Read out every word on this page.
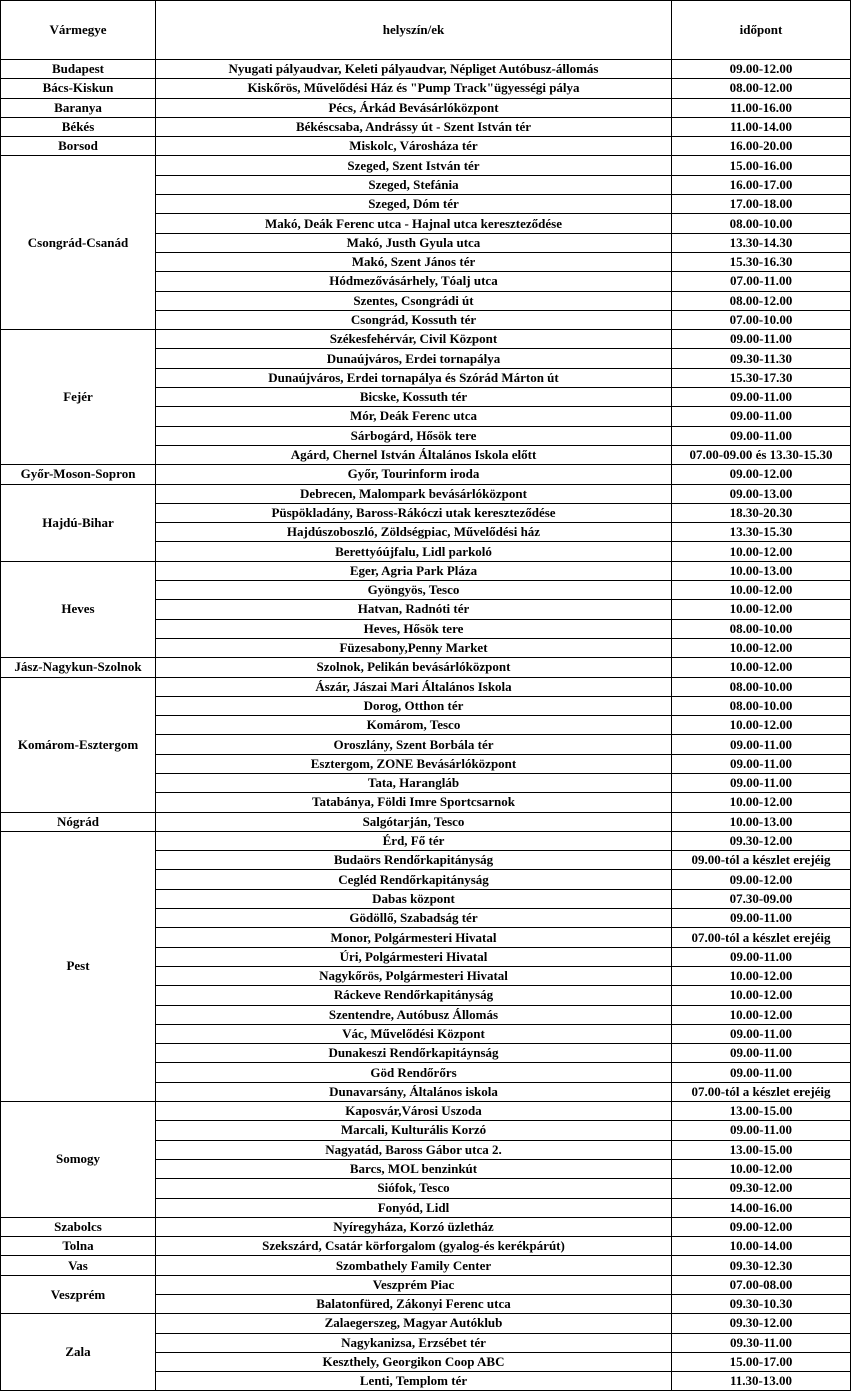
Vármegye	helyszín/ek	időpont
Budapest	Nyugati pályaudvar, Keleti pályaudvar, Népliget Autóbusz-állomás	09.00-12.00
Bács-Kiskun	Kiskőrös, Művelődési Ház és "Pump Track"ügyességi pálya	08.00-12.00
Baranya	Pécs, Árkád Bevásárlóközpont	11.00-16.00
Békés	Békéscsaba, Andrássy út - Szent István tér	11.00-14.00
Borsod	Miskolc, Városháza tér	16.00-20.00
Csongrád-Csanád	Szeged, Szent István tér	15.00-16.00
	Szeged, Stefánia	16.00-17.00
	Szeged, Dóm tér	17.00-18.00
	Makó, Deák Ferenc utca - Hajnal utca kereszteződése	08.00-10.00
	Makó, Justh Gyula utca	13.30-14.30
	Makó, Szent János tér	15.30-16.30
	Hódmezővásárhely, Tóalj utca	07.00-11.00
	Szentes, Csongrádi út	08.00-12.00
	Csongrád, Kossuth tér	07.00-10.00
Fejér	Székesfehérvár, Civil Központ	09.00-11.00
	Dunaújváros, Erdei tornapálya	09.30-11.30
	Dunaújváros, Erdei tornapálya és Szórád Márton út	15.30-17.30
	Bicske, Kossuth tér	09.00-11.00
	Mór, Deák Ferenc utca	09.00-11.00
	Sárbogárd, Hősök tere	09.00-11.00
	Agárd, Chernel István Általános Iskola előtt	07.00-09.00 és 13.30-15.30
Győr-Moson-Sopron	Győr, Tourinform iroda	09.00-12.00
Hajdú-Bihar	Debrecen, Malompark bevásárlóközpont	09.00-13.00
	Püspökladány, Baross-Rákóczi utak kereszteződése	18.30-20.30
	Hajdúszoboszló, Zöldségpiac, Művelődési ház	13.30-15.30
	Berettyóújfalu, Lidl parkoló	10.00-12.00
Heves	Eger, Agria Park Pláza	10.00-13.00
	Gyöngyös, Tesco	10.00-12.00
	Hatvan, Radnóti tér	10.00-12.00
	Heves, Hősök tere	08.00-10.00
	Füzesabony,Penny Market	10.00-12.00
Jász-Nagykun-Szolnok	Szolnok, Pelikán bevásárlóközpont	10.00-12.00
Komárom-Esztergom	Ászár, Jászai Mari Általános Iskola	08.00-10.00
	Dorog, Otthon tér	08.00-10.00
	Komárom, Tesco	10.00-12.00
	Oroszlány, Szent Borbála tér	09.00-11.00
	Esztergom, ZONE Bevásárlóközpont	09.00-11.00
	Tata, Harangláb	09.00-11.00
	Tatabánya, Földi Imre Sportcsarnok	10.00-12.00
Nógrád	Salgótarján, Tesco	10.00-13.00
Pest	Érd, Fő tér	09.30-12.00
	Budaörs Rendőrkapitányság	09.00-tól a készlet erejéig
	Cegléd Rendőrkapitányság	09.00-12.00
	Dabas központ	07.30-09.00
	Gödöllő, Szabadság tér	09.00-11.00
	Monor, Polgármesteri Hivatal	07.00-tól a készlet erejéig
	Úri, Polgármesteri Hivatal	09.00-11.00
	Nagykőrös, Polgármesteri Hivatal	10.00-12.00
	Ráckeve Rendőrkapitányság	10.00-12.00
	Szentendre, Autóbusz Állomás	10.00-12.00
	Vác, Művelődési Központ	09.00-11.00
	Dunakeszi Rendőrkapitáynság	09.00-11.00
	Göd Rendőrőrs	09.00-11.00
	Dunavarsány, Általános iskola	07.00-tól a készlet erejéig
Somogy	Kaposvár,Városi Uszoda	13.00-15.00
	Marcali, Kulturális Korzó	09.00-11.00
	Nagyatád, Baross Gábor utca 2.	13.00-15.00
	Barcs, MOL benzinkút	10.00-12.00
	Siófok, Tesco	09.30-12.00
	Fonyód, Lidl	14.00-16.00
Szabolcs	Nyíregyháza, Korzó üzletház	09.00-12.00
Tolna	Szekszárd, Csatár körforgalom (gyalog-és kerékpárút)	10.00-14.00
Vas	Szombathely Family Center	09.30-12.30
Veszprém	Veszprém Piac	07.00-08.00
	Balatonfüred, Zákonyi Ferenc utca	09.30-10.30
Zala	Zalaegerszeg, Magyar Autóklub	09.30-12.00
	Nagykanizsa, Erzsébet tér	09.30-11.00
	Keszthely, Georgikon Coop ABC	15.00-17.00
	Lenti, Templom tér	11.30-13.00
